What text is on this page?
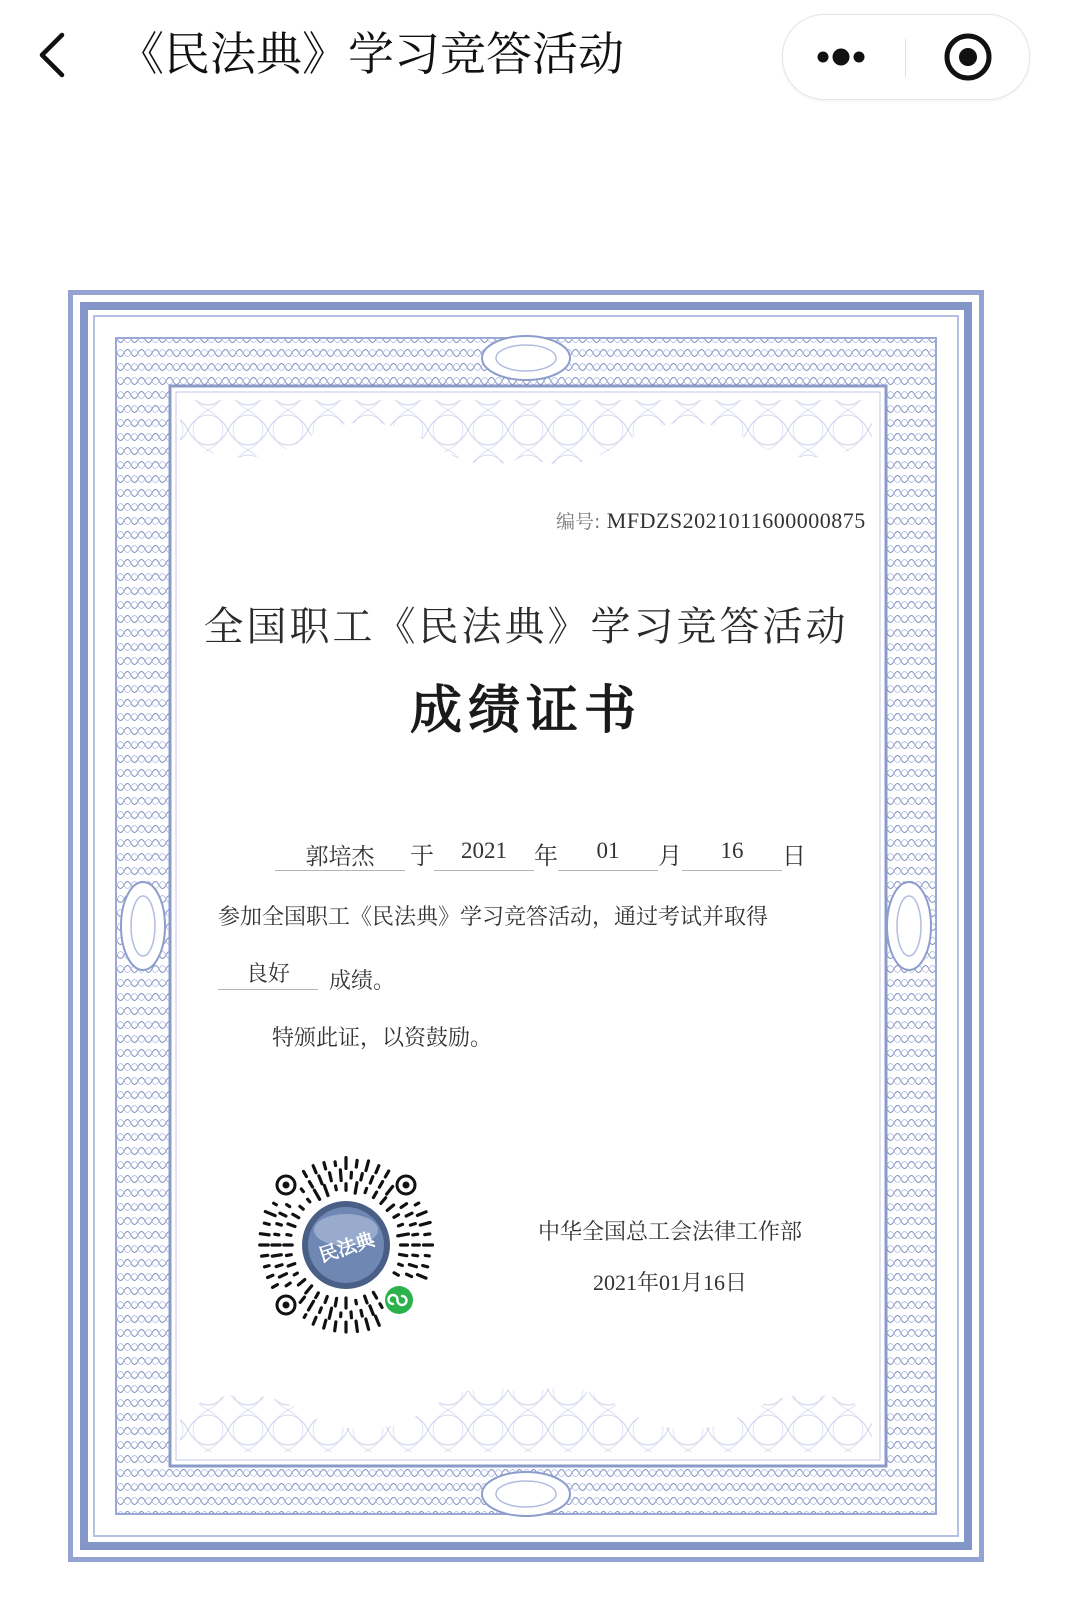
《民法典》学习竞答活动
编号: MFDZS2021011600000875
全国职工《民法典》学习竞答活动
成绩证书
郭培杰	于	2021	年	01	月	16	日
参加全国职工《民法典》学习竞答活动，通过考试并取得
良好	成绩。
特颁此证，以资鼓励。
民法典	中华全国总工会法律工作部
2021年01月16日
